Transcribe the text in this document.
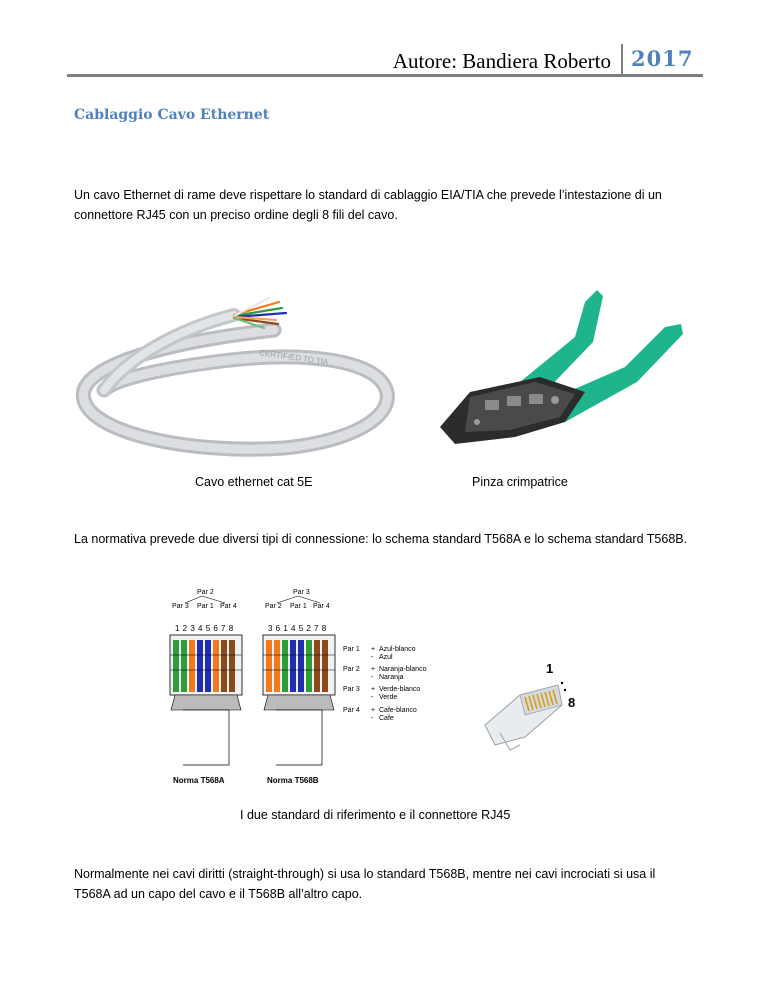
Autore: Bandiera Roberto 2017
Cablaggio Cavo Ethernet
Un cavo Ethernet di rame deve rispettare lo standard di cablaggio EIA/TIA che prevede l’intestazione di un connettore RJ45 con un preciso ordine degli 8 fili del cavo.
CERTIFIED TO TIA
Cavo ethernet cat 5E	Pinza crimpatrice
La normativa prevede due diversi tipi di connessione: lo schema standard T568A e lo schema standard T568B.
Par 2
Par 3 Par 1 Par 4
1 2 3 4 5 6 7 8
Norma T568A
Par 3
Par 2 Par 1 Par 4
3 6 1 4 5 2 7 8
Norma T568B
Par 1 + Azul-blanco
- Azul
Par 2 + Naranja-blanco
- Naranja
Par 3 + Verde-blanco
- Verde
Par 4 + Cafe-blanco
- Cafe
1
8
I due standard di riferimento e il connettore RJ45
Normalmente nei cavi diritti (straight-through) si usa lo standard T568B, mentre nei cavi incrociati si usa il T568A ad un capo del cavo e il T568B all’altro capo.
